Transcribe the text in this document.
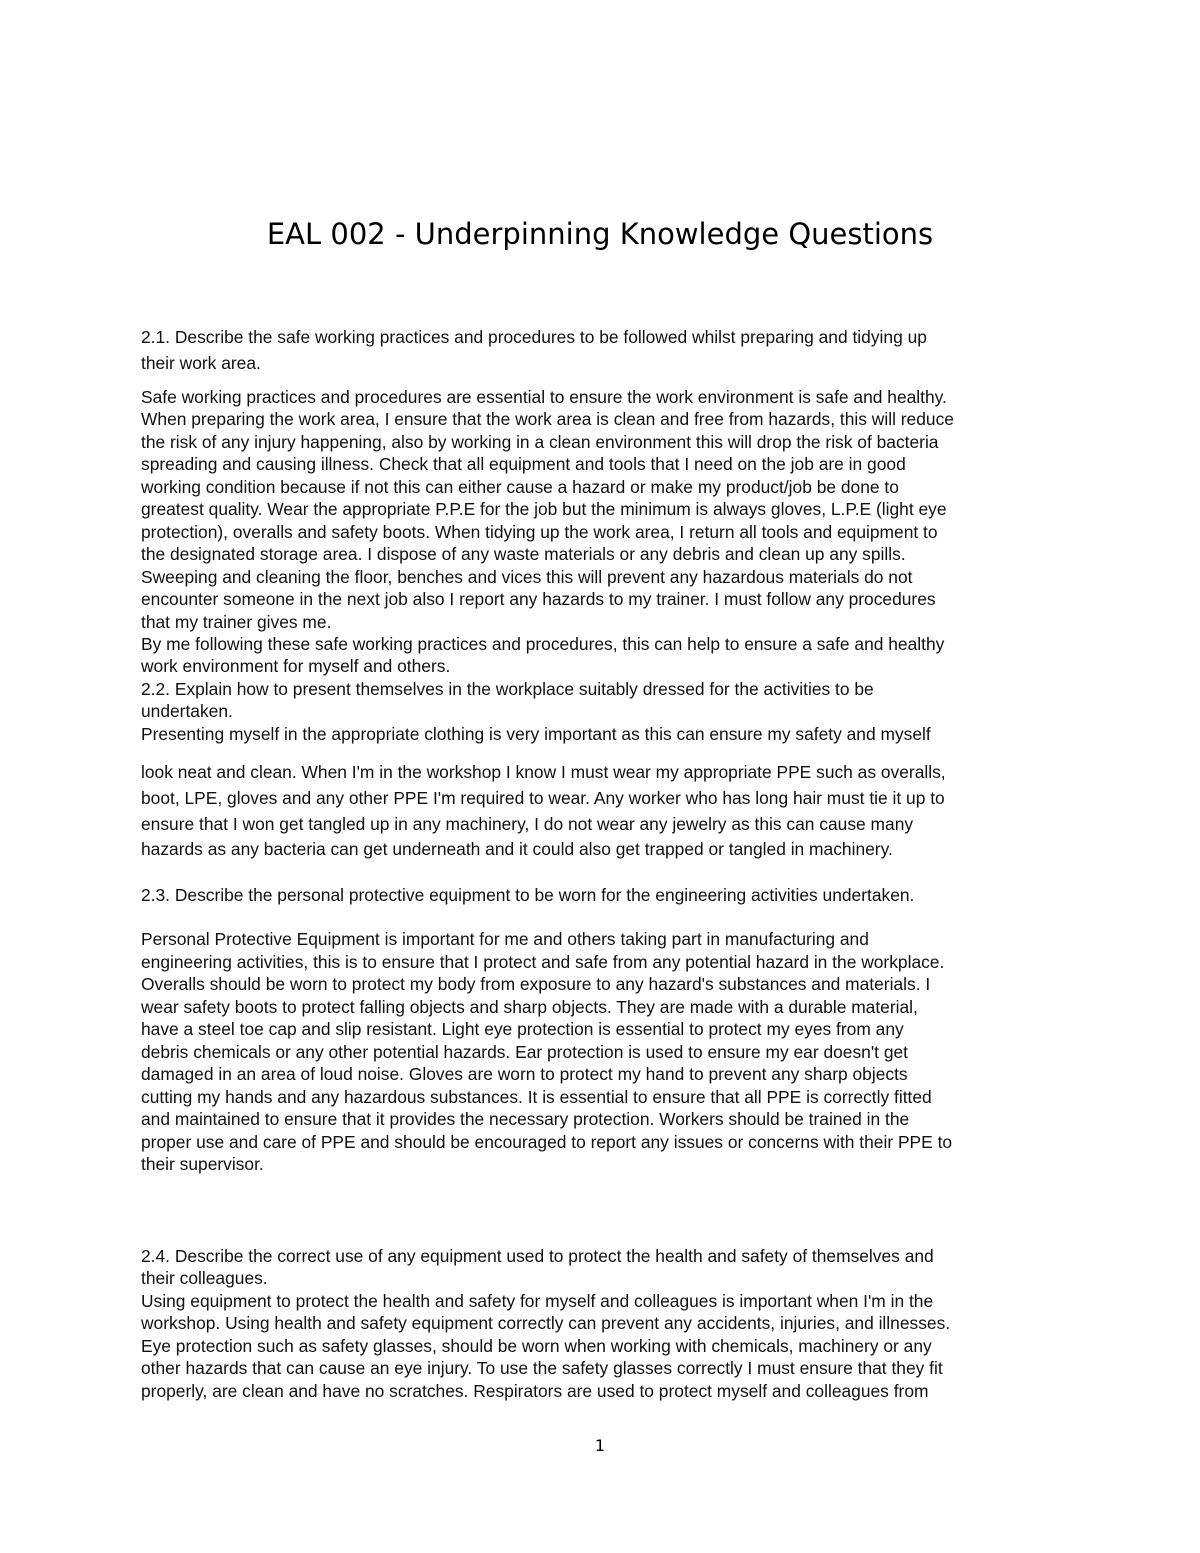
EAL 002 - Underpinning Knowledge Questions

2.1. Describe the safe working practices and procedures to be followed whilst preparing and tidying up

their work area.

Safe working practices and procedures are essential to ensure the work environment is safe and healthy.

When preparing the work area, I ensure that the work area is clean and free from hazards, this will reduce

the risk of any injury happening, also by working in a clean environment this will drop the risk of bacteria

spreading and causing illness. Check that all equipment and tools that I need on the job are in good

working condition because if not this can either cause a hazard or make my product/job be done to

greatest quality. Wear the appropriate P.P.E for the job but the minimum is always gloves, L.P.E (light eye

protection), overalls and safety boots. When tidying up the work area, I return all tools and equipment to

the designated storage area. I dispose of any waste materials or any debris and clean up any spills.

Sweeping and cleaning the floor, benches and vices this will prevent any hazardous materials do not

encounter someone in the next job also I report any hazards to my trainer. I must follow any procedures

that my trainer gives me.

By me following these safe working practices and procedures, this can help to ensure a safe and healthy

work environment for myself and others.

2.2. Explain how to present themselves in the workplace suitably dressed for the activities to be

undertaken.

Presenting myself in the appropriate clothing is very important as this can ensure my safety and myself

look neat and clean. When I'm in the workshop I know I must wear my appropriate PPE such as overalls,

boot, LPE, gloves and any other PPE I'm required to wear. Any worker who has long hair must tie it up to

ensure that I won get tangled up in any machinery, I do not wear any jewelry as this can cause many

hazards as any bacteria can get underneath and it could also get trapped or tangled in machinery.

2.3. Describe the personal protective equipment to be worn for the engineering activities undertaken.

Personal Protective Equipment is important for me and others taking part in manufacturing and

engineering activities, this is to ensure that I protect and safe from any potential hazard in the workplace.

Overalls should be worn to protect my body from exposure to any hazard's substances and materials. I

wear safety boots to protect falling objects and sharp objects. They are made with a durable material,

have a steel toe cap and slip resistant. Light eye protection is essential to protect my eyes from any

debris chemicals or any other potential hazards. Ear protection is used to ensure my ear doesn't get

damaged in an area of loud noise. Gloves are worn to protect my hand to prevent any sharp objects

cutting my hands and any hazardous substances. It is essential to ensure that all PPE is correctly fitted

and maintained to ensure that it provides the necessary protection. Workers should be trained in the

proper use and care of PPE and should be encouraged to report any issues or concerns with their PPE to

their supervisor.

2.4. Describe the correct use of any equipment used to protect the health and safety of themselves and

their colleagues.

Using equipment to protect the health and safety for myself and colleagues is important when I'm in the

workshop. Using health and safety equipment correctly can prevent any accidents, injuries, and illnesses.

Eye protection such as safety glasses, should be worn when working with chemicals, machinery or any

other hazards that can cause an eye injury. To use the safety glasses correctly I must ensure that they fit

properly, are clean and have no scratches. Respirators are used to protect myself and colleagues from

1
